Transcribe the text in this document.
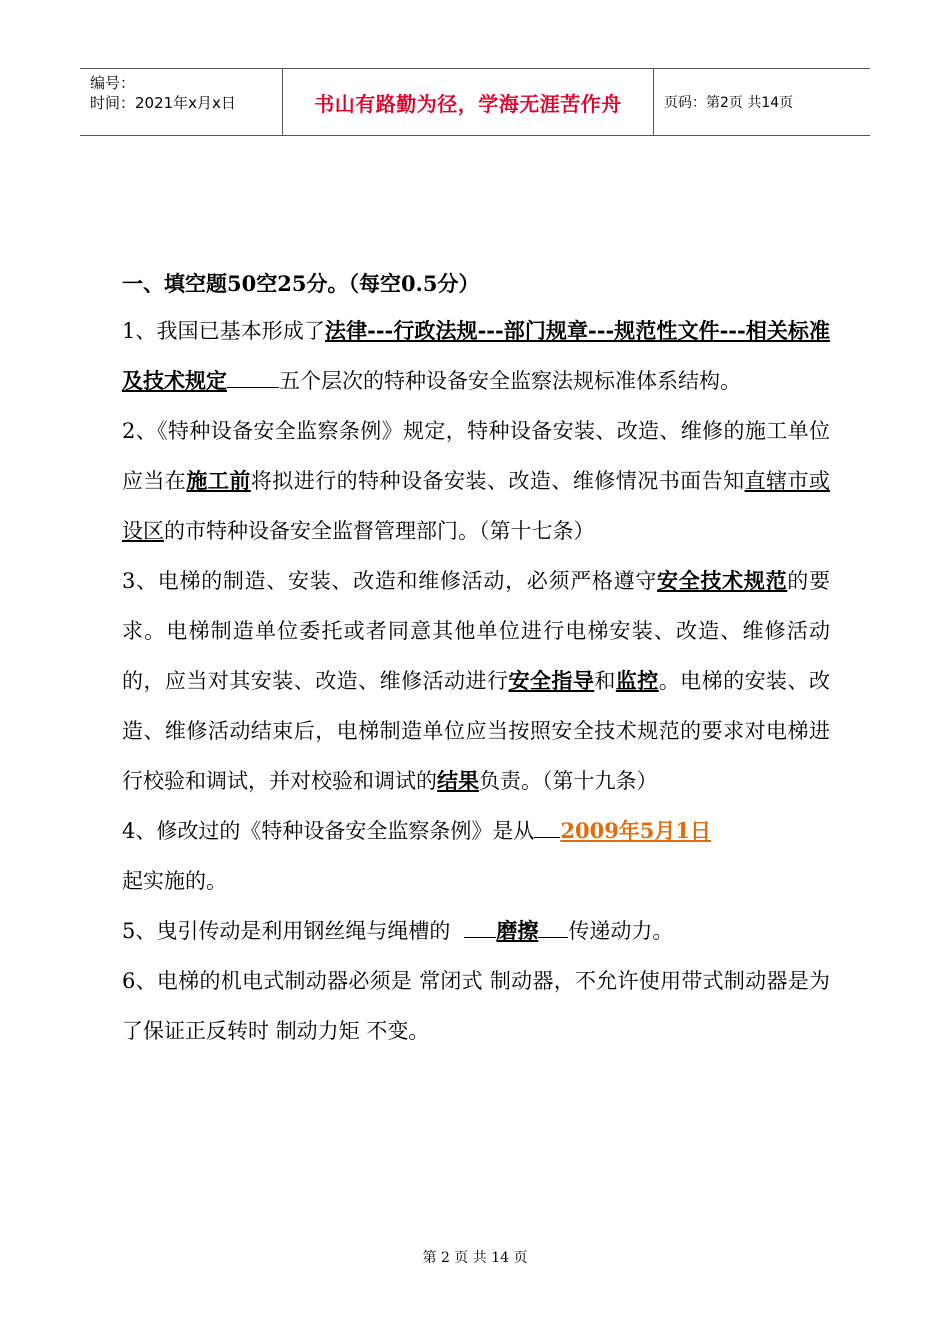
编号：
时间：2021年x月x日	书山有路勤为径，学海无涯苦作舟	页码：第2页 共14页

一、填空题50空25分。（每空0.5分）

1、我国已基本形成了法律---行政法规---部门规章---规范性文件---相关标准及技术规定 五个层次的特种设备安全监察法规标准体系结构。

2、《特种设备安全监察条例》规定，特种设备安装、改造、维修的施工单位应当在施工前将拟进行的特种设备安装、改造、维修情况书面告知直辖市或设区的市特种设备安全监督管理部门。（第十七条）

3、电梯的制造、安装、改造和维修活动，必须严格遵守安全技术规范的要求。电梯制造单位委托或者同意其他单位进行电梯安装、改造、维修活动的，应当对其安装、改造、维修活动进行安全指导和监控。电梯的安装、改造、维修活动结束后，电梯制造单位应当按照安全技术规范的要求对电梯进行校验和调试，并对校验和调试的结果负责。（第十九条）

4、修改过的《特种设备安全监察条例》是从 2009年5月1日
起实施的。

5、曳引传动是利用钢丝绳与绳槽的 磨擦 传递动力。

6、电梯的机电式制动器必须是 常闭式 制动器，不允许使用带式制动器是为了保证正反转时 制动力矩 不变。

第 2 页 共 14 页
